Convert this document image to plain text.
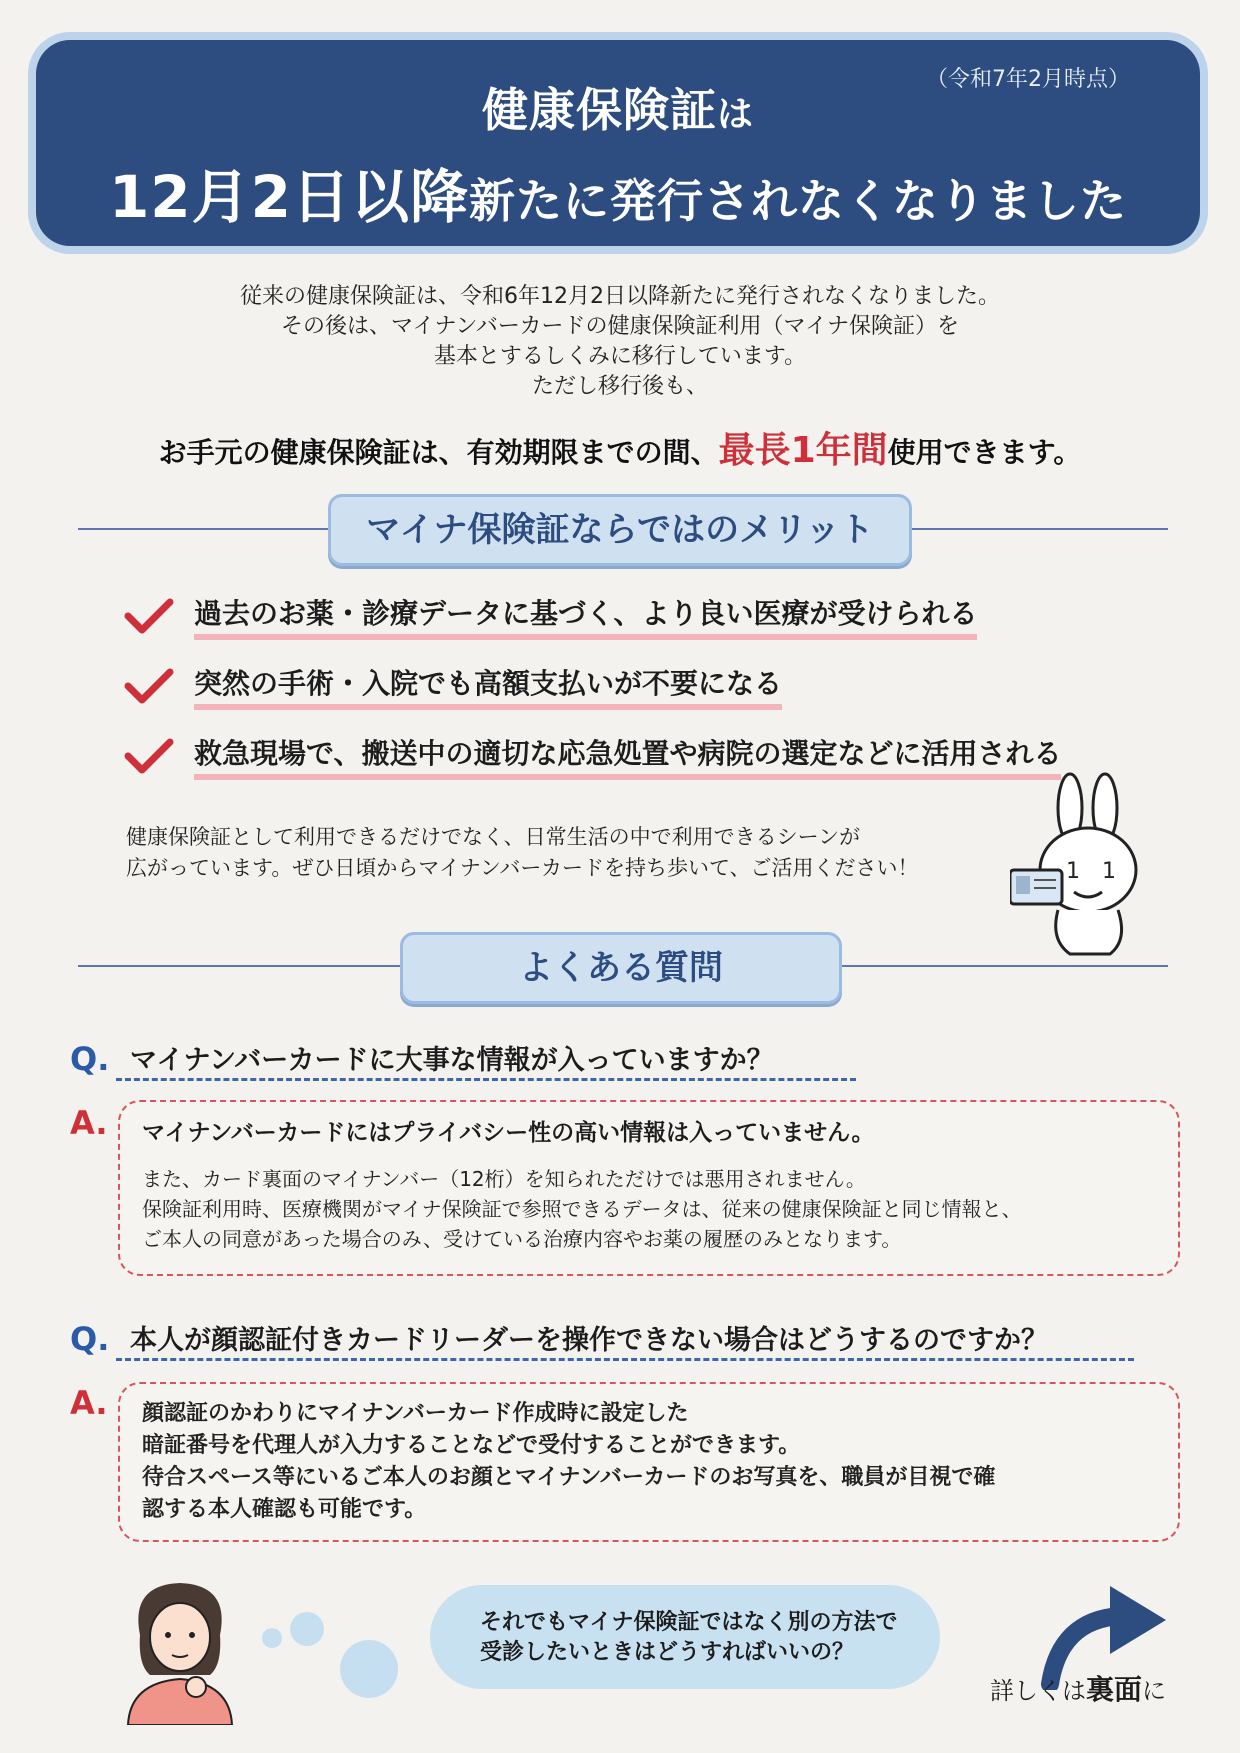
（令和7年2月時点）
健康保険証は
12月2日以降新たに発行されなくなりました
従来の健康保険証は、令和6年12月2日以降新たに発行されなくなりました。
その後は、マイナンバーカードの健康保険証利用（マイナ保険証）を
基本とするしくみに移行しています。
ただし移行後も、
お手元の健康保険証は、有効期限までの間、最長1年間使用できます。
マイナ保険証ならではのメリット
過去のお薬・診療データに基づく、より良い医療が受けられる
突然の手術・入院でも高額支払いが不要になる
救急現場で、搬送中の適切な応急処置や病院の選定などに活用される
健康保険証として利用できるだけでなく、日常生活の中で利用できるシーンが
広がっています。ぜひ日頃からマイナンバーカードを持ち歩いて、ご活用ください！	1 1
よくある質問
Q. マイナンバーカードに大事な情報が入っていますか？
A. マイナンバーカードにはプライバシー性の高い情報は入っていません。
また、カード裏面のマイナンバー（12桁）を知られただけでは悪用されません。
保険証利用時、医療機関がマイナ保険証で参照できるデータは、従来の健康保険証と同じ情報と、
ご本人の同意があった場合のみ、受けている治療内容やお薬の履歴のみとなります。
Q. 本人が顔認証付きカードリーダーを操作できない場合はどうするのですか？
A. 顔認証のかわりにマイナンバーカード作成時に設定した
暗証番号を代理人が入力することなどで受付することができます。
待合スペース等にいるご本人のお顔とマイナンバーカードのお写真を、職員が目視で確
認する本人確認も可能です。
それでもマイナ保険証ではなく別の方法で
受診したいときはどうすればいいの？
詳しくは裏面に
